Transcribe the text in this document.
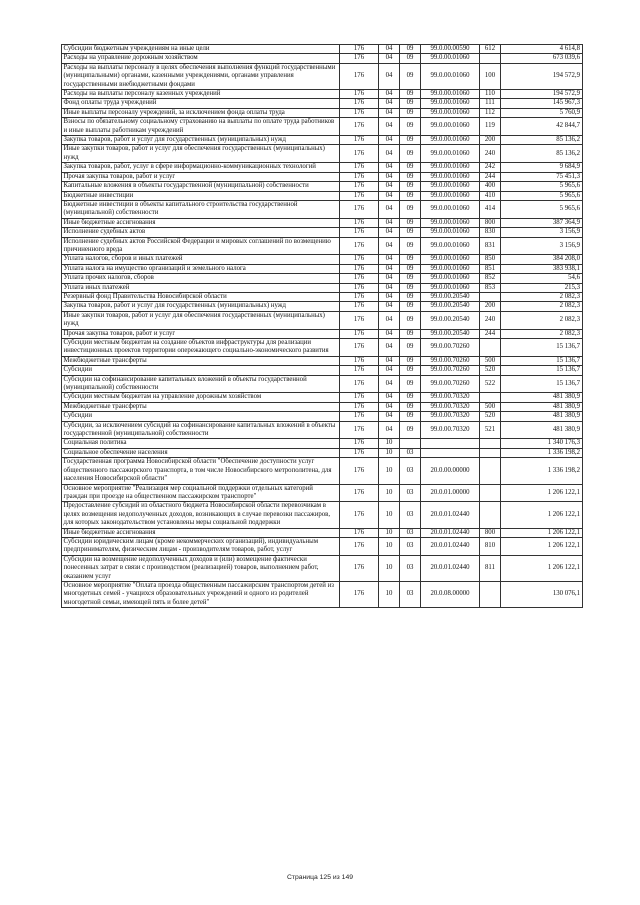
Субсидии бюджетным учреждениям на иные цели	176	04	09	99.0.00.00590	612	4 614,8
Расходы на управление дорожным хозяйством	176	04	09	99.0.00.01060		673 039,6
Расходы на выплаты персоналу в целях обеспечения выполнения функций государственными (муниципальными) органами, казенными учреждениями, органами управления государственными внебюджетными фондами	176	04	09	99.0.00.01060	100	194 572,9
Расходы на выплаты персоналу казенных учреждений	176	04	09	99.0.00.01060	110	194 572,9
Фонд оплаты труда учреждений	176	04	09	99.0.00.01060	111	145 967,3
Иные выплаты персоналу учреждений, за исключением фонда оплаты труда	176	04	09	99.0.00.01060	112	5 760,9
Взносы по обязательному социальному страхованию на выплаты по оплате труда работников и иные выплаты работникам учреждений	176	04	09	99.0.00.01060	119	42 844,7
Закупка товаров, работ и услуг для государственных (муниципальных) нужд	176	04	09	99.0.00.01060	200	85 136,2
Иные закупки товаров, работ и услуг для обеспечения государственных (муниципальных) нужд	176	04	09	99.0.00.01060	240	85 136,2
Закупка товаров, работ, услуг в сфере информационно-коммуникационных технологий	176	04	09	99.0.00.01060	242	9 684,9
Прочая закупка товаров, работ и услуг	176	04	09	99.0.00.01060	244	75 451,3
Капитальные вложения в объекты государственной (муниципальной) собственности	176	04	09	99.0.00.01060	400	5 965,6
Бюджетные инвестиции	176	04	09	99.0.00.01060	410	5 965,6
Бюджетные инвестиции в объекты капитального строительства государственной (муниципальной) собственности	176	04	09	99.0.00.01060	414	5 965,6
Иные бюджетные ассигнования	176	04	09	99.0.00.01060	800	387 364,9
Исполнение судебных актов	176	04	09	99.0.00.01060	830	3 156,9
Исполнение судебных актов Российской Федерации и мировых соглашений по возмещению причиненного вреда	176	04	09	99.0.00.01060	831	3 156,9
Уплата налогов, сборов и иных платежей	176	04	09	99.0.00.01060	850	384 208,0
Уплата налога на имущество организаций и земельного налога	176	04	09	99.0.00.01060	851	383 938,1
Уплата прочих налогов, сборов	176	04	09	99.0.00.01060	852	54,6
Уплата иных платежей	176	04	09	99.0.00.01060	853	215,3
Резервный фонд Правительства Новосибирской области	176	04	09	99.0.00.20540		2 082,3
Закупка товаров, работ и услуг для государственных (муниципальных) нужд	176	04	09	99.0.00.20540	200	2 082,3
Иные закупки товаров, работ и услуг для обеспечения государственных (муниципальных) нужд	176	04	09	99.0.00.20540	240	2 082,3
Прочая закупка товаров, работ и услуг	176	04	09	99.0.00.20540	244	2 082,3
Субсидии местным бюджетам на создание объектов инфраструктуры для реализации инвестиционных проектов территории опережающего социально-экономического развития	176	04	09	99.0.00.70260		15 136,7
Межбюджетные трансферты	176	04	09	99.0.00.70260	500	15 136,7
Субсидии	176	04	09	99.0.00.70260	520	15 136,7
Субсидии на софинансирование капитальных вложений в объекты государственной (муниципальной) собственности	176	04	09	99.0.00.70260	522	15 136,7
Субсидии местным бюджетам на управление дорожным хозяйством	176	04	09	99.0.00.70320		481 380,9
Межбюджетные трансферты	176	04	09	99.0.00.70320	500	481 380,9
Субсидии	176	04	09	99.0.00.70320	520	481 380,9
Субсидии, за исключением субсидий на софинансирование капитальных вложений в объекты государственной (муниципальной) собственности	176	04	09	99.0.00.70320	521	481 380,9
Социальная политика	176	10				1 340 176,3
Социальное обеспечение населения	176	10	03			1 336 198,2
Государственная программа Новосибирской области "Обеспечение доступности услуг общественного пассажирского транспорта, в том числе Новосибирского метрополитена, для населения Новосибирской области"	176	10	03	20.0.00.00000		1 336 198,2
Основное мероприятие "Реализация мер социальной поддержки отдельных категорий граждан при проезде на общественном пассажирском транспорте"	176	10	03	20.0.01.00000		1 206 122,1
Предоставление субсидий из областного бюджета Новосибирской области перевозчикам в целях возмещения недополученных доходов, возникающих в случае перевозки пассажиров, для которых законодательством установлены меры социальной поддержки	176	10	03	20.0.01.02440		1 206 122,1
Иные бюджетные ассигнования	176	10	03	20.0.01.02440	800	1 206 122,1
Субсидии юридическим лицам (кроме некоммерческих организаций), индивидуальным предпринимателям, физическим лицам - производителям товаров, работ, услуг	176	10	03	20.0.01.02440	810	1 206 122,1
Субсидии на возмещение недополученных доходов и (или) возмещение фактически понесенных затрат в связи с производством (реализацией) товаров, выполнением работ, оказанием услуг	176	10	03	20.0.01.02440	811	1 206 122,1
Основное мероприятие "Оплата проезда общественным пассажирским транспортом детей из многодетных семей - учащихся образовательных учреждений и одного из родителей многодетной семьи, имеющей пять и более детей"	176	10	03	20.0.08.00000		130 076,1
Страница 125 из 149
